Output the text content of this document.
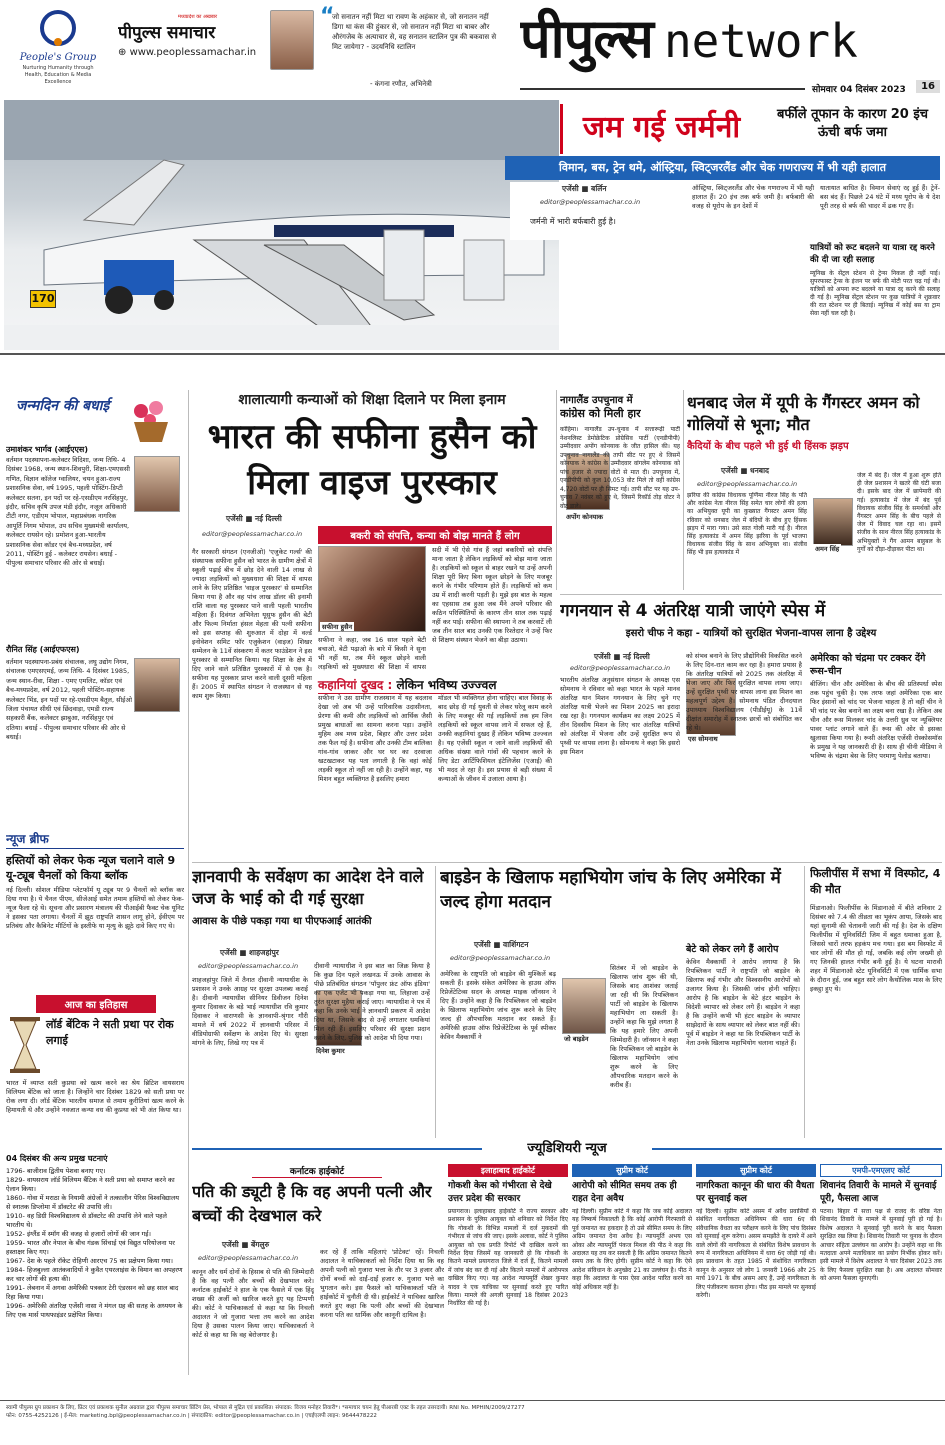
People's Group
Nurturing Humanity through Health, Education & Media Excellence
मध्यप्रदेश का अखबार
पीपुल्स समाचार
⊕ www.peoplessamachar.in
“
जो सनातन नहीं मिटा था रावण के अहंकार से, जो सनातन नहीं डिगा था कंस की हुंकार से, जो सनातन नहीं मिटा था बाबर और औरंगजेब के अत्याचार से, वह सनातन स्टालिन पुत्र की बकवास से मिट जायेगा? - उदयनिधि स्टालिन
- कंगना रणौत, अभिनेत्री
पीपुल्स network
सोमवार 04 दिसंबर 2023	16
170
जम गई जर्मनी	बर्फीले तूफान के कारण 20 इंच ऊंची बर्फ जमा
विमान, बस, ट्रेन थमे, ऑस्ट्रिया, स्विट्जरलैंड और चेक गणराज्य में भी यही हालात
एजेंसी ■ बर्लिन
editor@peoplessamachar.co.in
जर्मनी में भारी बर्फबारी हुई है।
ऑस्ट्रिया, स्विट्जरलैंड और चेक गणराज्य में भी यही हालात हैं। 20 इंच तक बर्फ जमी है। बर्फबारी की वजह से यूरोप के इन देशों में
यातायात बाधित है। विमान सेवाएं रद्द हुई हैं। ट्रेनें-बस बंद हैं। पिछले 24 घंटे में मध्य यूरोप के ये देश पूरी तरह से बर्फ की चादर में ढक गए हैं।
यात्रियों को रूट बदलने या यात्रा रद्द करने की दी जा रही सलाह
म्यूनिख के सेंट्रल स्टेशन से ट्रेन्स निकल ही नहीं पाई। सुपरफास्ट ट्रेन्स के इंजन पर बर्फ की मोटी परत चढ़ गई थी। यात्रियों को अपना रूट बदलने या यात्रा रद्द करने की सलाह दी गई है। म्यूनिख सेंट्रल स्टेशन पर कुछ यात्रियों ने शुक्रवार की रात स्टेशन पर ही बिताई। म्यूनिख में कोई बस या ट्राम सेवा नहीं चल रही है।
जन्मदिन की बधाई
उमाशंकर भार्गव (आईएएस)
वर्तमान पदस्थापना-कलेक्टर विदिशा, जन्म तिथि- 4 दिसंबर 1968, जन्म स्थान-शिवपुरी, शिक्षा-एमएससी गणित, विज्ञान कॉलेज ग्वालियर, चयन हुआ-राज्य प्रशासनिक सेवा, वर्ष 1995, पहली पोस्टिंग-डिप्टी कलेक्टर सतना, इन पदों पर रहे-एसडीएम नरसिंहपुर, इंदौर, सचिव कृषि उपज मंडी इंदौर, नजूल अधिकारी टीटी नगर, एडीएम भोपाल, महाप्रबंधक नागरिक आपूर्ति निगम भोपाल, उप सचिव मुख्यमंत्री कार्यालय, कलेक्टर रायसेन रहे। प्रमोशन हुआ-भारतीय प्रशासनिक सेवा कॉडर एवं बैच-मध्यप्रदेश, वर्ष 2011, पोस्टिंग हुई - कलेक्टर रायसेन। बधाई - पीपुल्स समाचार परिवार की ओर से बधाई।
रौनित सिंह (आईएफएस)
वर्तमान पदस्थापना-प्रबंध संचालक, लघु उद्योग निगम, संचालक एमएसएमई, जन्म तिथि- 4 दिसंबर 1985, जन्म स्थान-रीवा, शिक्षा - एमए एमलिट, कॉडर एवं बैच-मध्यप्रदेश, वर्ष 2012, पहली पोस्टिंग-सहायक कलेक्टर भिंड, इन पदों पर रहे-एसडीएम बैतूल, सीईओ जिला पंचायत सीधी एवं छिंदवाड़ा, एमडी राज्य सहकारी बैंक, कलेक्टर झाबुआ, नरसिंहपुर एवं दतिया। बधाई - पीपुल्स समाचार परिवार की ओर से बधाई।
न्यूज ब्रीफ
हस्तियों को लेकर फेक न्यूज चलाने वाले 9 यू-ट्यूब चैनलों को किया ब्लॉक
नई दिल्ली। सोशल मीडिया प्लेटफॉर्म यू ट्यूब पर 9 चैनलों को ब्लॉक कर दिया गया है। ये चैनल पीएम, सीजेआई समेत तमाम हस्तियों को लेकर फेक-न्यूज फैला रहे थे। सूचना और प्रसारण मंत्रालय की पीआईबी फैक्ट चेक यूनिट ने इसका पता लगाया। चैनलों में झूठ राष्ट्रपति शासन लागू होने, ईवीएम पर प्रतिबंध और कैबिनेट मीटिंगों के इस्तीफे या मृत्यु के झूठे दावे किए गए थे।
आज का इतिहास
लॉर्ड बेंटिक ने सती प्रथा पर रोक लगाई
भारत में व्याप्त सती कुप्रथा को खत्म करने का श्रेय ब्रिटिश वायसराय विलियम बेंटिक को जाता है। जिन्होंने चार दिसंबर 1829 को सती प्रथा पर रोक लगा दी। लॉर्ड बेंटिक भारतीय समाज से तमाम कुरीतियां खत्म करने के हिमायती थे और उन्होंने नवजात कन्या वध की कुप्रथा को भी अंत किया था।
04 दिसंबर की अन्य प्रमुख घटनाएं
1796- बाजीराव द्वितीय पेशवा बनाए गए।
1829- वायसराय लॉर्ड विलियम बैंटिक ने सती प्रथा को समाप्त करने का ऐलान किया।
1860- गोवा में मराठा के नियामी अंग्रेजों ने तत्कालीन पेरिस विश्वविद्यालय से स्नातक डिप्लोमा में डॉक्टरेट की उपाधि ली।
1910- वह डिग्री विश्वविद्यालय से डॉक्टरेट की उपाधि लेने वाले पहले भारतीय थे।
1952- इंग्लैंड में स्मॉग की वजह से हजारों लोगों की जान गई।
1959- भारत और नेपाल के बीच गंडक सिंचाई एवं विद्युत परियोजना पर हस्ताक्षर किए गए।
1967- देश के पहले रॉकेट रोहिणी आरएच 75 का प्रक्षेपण किया गया।
1984- हिजबुल्ला आतंकवादियों ने कुवैत एयरलाइंस के विमान का अपहरण कर चार लोगों की हत्या की।
1991- लेबनान में अगवा अमेरिकी पत्रकार टेरी एंडरसन को छह साल बाद रिहा किया गया।
1996- अमेरिकी अंतरिक्ष एजेंसी नासा ने मंगल ग्रह की सतह के अध्ययन के लिए एक मार्स पाथफाइंडर प्रक्षेपित किया।
शालात्यागी कन्याओं को शिक्षा दिलाने पर मिला इनाम
भारत की सफीना हुसैन को मिला वाइज पुरस्कार
एजेंसी ■ नई दिल्ली
editor@peoplessamachar.co.in
गैर सरकारी संगठन (एनजीओ) 'एजुकेट गर्ल्स' की संस्थापक सफीना हुसैन को भारत के ग्रामीण क्षेत्रों में स्कूली पढ़ाई बीच में छोड़ देने वाली 14 लाख से ज्यादा लड़कियों को मुख्यधारा की शिक्षा में वापस लाने के लिए प्रतिष्ठित 'वाइज पुरस्कार' से सम्मानित किया गया है और वह पांच लाख डॉलर की इनामी राशि वाला यह पुरस्कार पाने वाली पहली भारतीय महिला हैं। दिवंगत अभिनेता यूसुफ हुसैन की बेटी और फिल्म निर्माता हंसल मेहता की पत्नी सफीना को इस सप्ताह की शुरुआत में दोहा में वर्ल्ड इनोवेशन समिट फॉर एजुकेशन (वाइज) शिखर सम्मेलन के 11वें संस्करण में कतर फाउंडेशन ने इस पुरस्कार से सम्मानित किया। यह शिक्षा के क्षेत्र में दिए जाने वाले प्रतिष्ठित पुरस्कारों में से एक है। सफीना यह पुरस्कार प्राप्त करने वाली दूसरी महिला हैं। 2005 में स्थापित संगठन ने राजस्थान से यह काम शुरू किया।
बकरी को संपत्ति, कन्या को बोझ मानते हैं लोग
सफीना हुसैन
सफीना ने कहा, जब 16 साल पहले बेटी बचाओ, बेटी पढ़ाओ के बारे में किसी ने सुना भी नहीं था, तब मैंने स्कूल छोड़ने वाली लड़कियों को मुख्यधारा की शिक्षा में वापस
सदी में भी ऐसे गांव हैं जहां बकरियों को संपत्ति माना जाता है लेकिन लड़कियों को बोझ माना जाता है। लड़कियों को स्कूल से बाहर रखने या उन्हें अपनी शिक्षा पूरी किए बिना स्कूल छोड़ने के लिए मजबूर करने के गंभीर परिणाम होते हैं। लड़कियों को कम उम्र में शादी करनी पड़ती है। मुझे इस बात के महत्व का एहसास तब हुआ जब मैंने अपने परिवार की कठिन परिस्थितियों के कारण तीन साल तक पढ़ाई नहीं कर पाई। सफीना की स्थापना ने तब करवाटें ली जब तीन साल बाद उनकी एक रिश्तेदार ने उन्हें फिर से शिक्षण संस्थान भेजने का बीड़ा उठाया।
कहानियां दुखद : लेकिन भविष्य उज्ज्वल
सफीना ने उस ग्रामीण राजस्थान में यह बदलाव देखा जो अब भी उन्हें पारिवारिक उदासीनता, प्रेरणा की कमी और लड़कियों को आर्थिक जैसी प्रमुख बाधाओं का सामना करना पड़ा। उन्होंने मुहिम अब मध्य प्रदेश, बिहार और उत्तर प्रदेश तक फैल गई है। सफीना और उनकी टीम बालिका गांव-गांव जाकर और घर घर का दरवाजा खटखटाकर यह पता लगाती है कि वहां कोई लड़की स्कूल तो नहीं जा रही है। उन्होंने कहा, यह मिशन बहुत व्यक्तिगत है इसलिए हमारा
मॉडल भी व्यक्तिगत होना चाहिए। बाल विवाह के बाद छोड़ दी गई युवती से लेकर घरेलू काम करने के लिए मजबूर की गई लड़कियों तक हम जिन लड़कियों को स्कूल वापस लाने में सफल रहे हैं, उनकी कहानियां दुखद हैं लेकिन भविष्य उज्ज्वल है। यह एजेंसी स्कूल न जाने वाली लड़कियों की अधिक संख्या वाले गांवों की पहचान करने के लिए डेटा आर्टिफिशियल इंटेलिजेंस (एआई) की भी मदद ले रहा है। इस प्रयास से बड़ी संख्या में कन्याओं के जीवन में उजाला आया है।
नागालैंड उपचुनाव में
कांग्रेस को मिली हार
अपोंग कोनयाक
कोहिमा। नागालैंड उप-चुनाव में सत्तारूढ़ी पार्टी नेशनलिस्ट डेमोक्रेटिक प्रोग्रेसिव पार्टी (एनडीपीपी) उम्मीदवार अपोंग कोनयाक के जीत हासिल की। यह उपचुनाव नागालैंड की तापी सीट पर हुए थे जिसमें कोनयाक ने कांग्रेस के उम्मीदवार वांगलेम कोनयाक को पांच हजार से ज्यादा वोटों से मात दी। उपचुनाव में, एनडीपीपी को कुल 10,053 वोट मिले तो वहीं कांग्रेस 4,720 वोटों पर ही सिमट गई। तापी सीट पर यह उप-चुनाव 7 नवंबर को हुए थे, जिसमें रिकॉर्ड तोड़ वोटर ने वोट डाले।
धनबाद जेल में यूपी के गैंगस्टर अमन को गोलियों से भूना; मौत
कैदियों के बीच पहले भी हुई थी हिंसक झड़प
एजेंसी ■ धनबाद
editor@peoplessamachar.co.in
झरिया की कांग्रेस विधायक पूर्णिमा नीरज सिंह के पति और कांग्रेस नेता नीरज सिंह समेत चार लोगों की हत्या का अभियुक्त यूपी का कुख्यात गैंगस्टर अमन सिंह रविवार को धनबाद जेल में बंदियों के बीच हुए हिंसक झड़प में मारा गया। उसे सात गोली मारी गई है। नीरज सिंह हत्याकांड में अमन सिंह झरिया के पूर्व भाजपा विधायक संजीव सिंह के साथ अभियुक्त था। संजीव सिंह भी इस हत्याकांड में	अमन सिंह
जेल में बंद हैं। जेल में हुआ शुरू होते ही जेल प्रशासन ने खतरे की घंटी बजा दी। इसके बाद जेल में छापेमारी की गई। हत्याकांड में जेल में बंद पूर्व विधायक संजीव सिंह के समर्थकों और गैंगस्टर अमन सिंह के बीच पहले से जेल में विवाद चल रहा था। इसमें संजीव के साथ नीरज सिंह हत्याकांड के अभियुक्तों ने गैंग आमन बाहुबल के गुर्गों को दौड़ा-दौड़ाकर पीटा था।
गगनयान से 4 अंतरिक्ष यात्री जाएंगे स्पेस में
इसरो चीफ ने कहा - यात्रियों को सुरक्षित भेजना-वापस लाना है उद्देश्य
एजेंसी ■ नई दिल्ली
editor@peoplessamachar.co.in
भारतीय अंतरिक्ष अनुसंधान संगठन के अध्यक्ष एस सोमनाथ ने रविवार को कहा भारत के पहले मानव अंतरिक्ष यान मिशन गगनयान के लिए चुने गए अंतरिक्ष यात्री भेजने का मिशन 2025 का इरादा रख रहा है। गगनयान कार्यक्रम का लक्ष्य 2025 में तीन दिवसीय मिशन के लिए चार अंतरिक्ष यात्रियों को अंतरिक्ष में भेजना और उन्हें सुरक्षित रूप से पृथ्वी पर वापस लाना है। सोमनाथ ने कहा कि इसरो इस मिशन
एस सोमनाथ
को संभव बनाने के लिए प्रौद्योगिकी विकसित करने के लिए दिन-रात काम कर रहा है। हमारा प्रयास है कि अंतरिक्ष यात्रियों को 2025 तक अंतरिक्ष में भेजा जाए और फिर सुरक्षित वापस लाया जाए। उन्हें सुरक्षित पृथ्वी पर वापस लाना इस मिशन का महत्वपूर्ण उद्देश्य है। सोमनाथ पंडित दीनदयाल उपाध्याय विश्वविद्यालय (पीडीईयू) के 11वें दीक्षांत समारोह में स्नातक छात्रों को संबोधित कर रहे थे।
अमेरिका को चंद्रमा पर टक्कर देंगे रूस-चीन
बीजिंग। चीन और अमेरिका के बीच की प्रतिस्पर्धा स्पेस तक पहुंच चुकी है। एक तरफ जहां अमेरिका एक बार फिर इंसानों को चांद पर भेजना चाहता है तो वहीं चीन ने भी चांद पर बेस बनाने का लक्ष्य बना रखा है। लेकिन अब चीन और रूस मिलकर चांद के उत्तरी ध्रुव पर न्यूक्लियर पावर प्लांट लगाने वाले हैं। रूस की ओर से इसका खुलासा किया गया है। रूसी अंतरिक्ष एजेंसी रोस्कोसमॉस के प्रमुख ने यह जानकारी दी है। साथ ही चीनी मीडिया ने भविष्य के चंद्रमा बेस के लिए परमाणु पेलोड बताया।
ज्ञानवापी के सर्वेक्षण का आदेश देने वाले जज के भाई को दी गई सुरक्षा
आवास के पीछे पकड़ा गया था पीएफआई आतंकी
एजेंसी ■ शाहजहांपुर
editor@peoplessamachar.co.in
शाहजहांपुर जिले में तैनात दीवानी न्यायाधीश के प्रशासन ने उनके आग्रह पर सुरक्षा उपलब्ध कराई है। दीवानी न्यायाधीश सीनियर डिवीजन दिनेश कुमार दिवाकर के बड़े भाई न्यायाधीश रवि कुमार दिवाकर ने वाराणसी के ज्ञानवापी-श्रृंगार गौरी मामले में वर्ष 2022 में ज्ञानवापी परिसर में वीडियोग्राफी सर्वेक्षण के आदेश दिए थे। सुरक्षा मांगने के लिए, लिखे गए पत्र में
दिनेश कुमार
दीवानी न्यायाधीश ने इस बात का जिक्र किया है कि कुछ दिन पहले लखनऊ में उनके आवास के पीछे प्रतिबंधित संगठन 'पॉपुलर फ्रंट ऑफ इंडिया' का एक एजेंट भी पकड़ा गया था, लिहाजा उन्हें तुरंत सुरक्षा मुहैया कराई जाए। न्यायाधीश ने पत्र में कहा कि उनके भाई ने ज्ञानवापी प्रकरण में आदेश दिया था, जिसके बाद से उन्हें लगातार धमकियां मिल रही हैं। इसलिए परिवार की सुरक्षा प्रदान करने के लिए, पुलिस को आदेश भी दिया गया।
बाइडेन के खिलाफ महाभियोग जांच के लिए अमेरिका में जल्द होगा मतदान
एजेंसी ■ वाशिंगटन
editor@peoplessamachar.co.in
अमेरिका के राष्ट्रपति जो बाइडेन की मुश्किलें बढ़ सकती हैं। इसके संकेत अमेरिका के हाउस ऑफ रिप्रेजेंटेटिव्स सदन के अध्यक्ष माइक जॉनसन ने दिए हैं। उन्होंने कहा है कि रिपब्लिकन जो बाइडेन के खिलाफ महाभियोग जांच शुरू करने के लिए जल्द ही औपचारिक मतदान कर सकते हैं। अमेरिकी हाउस ऑफ रिप्रेजेंटेटिव्स के पूर्व स्पीकर केविन मैक्कार्थी ने	जो बाइडेन
सितंबर में जो बाइडेन के खिलाफ जांच शुरू की थी, जिसके बाद आशंका जताई जा रही थी कि रिपब्लिकन पार्टी जो बाइडेन के खिलाफ महाभियोग ला सकती है। उन्होंने कहा कि मुझे लगता है कि यह हमारे लिए अपनी जिम्मेदारी है। जॉनसन ने कहा कि रिपब्लिकन जो बाइडेन के खिलाफ महाभियोग जांच शुरू करने के लिए औपचारिक मतदान करने के करीब हैं।
बेटे को लेकर लगे हैं आरोप
केविन मैक्कार्थी ने आरोप लगाया है कि रिपब्लिकन पार्टी ने राष्ट्रपति जो बाइडेन के खिलाफ कई गंभीर और विश्वसनीय आरोपों को उजागर किया है। जिसकी जांच होनी चाहिए। आरोप है कि बाइडेन के बेटे हंटर बाइडेन के विदेशी व्यापार को लेकर लगे हैं। बाइडेन ने कहा है कि उन्होंने कभी भी हंटर बाइडेन के व्यापार साझेदारों के साथ व्यापार को लेकर बात नहीं की। पूर्व में बाइडेन ने कहा था कि रिपब्लिकन पार्टी के नेता उनके खिलाफ महाभियोग चलाना चाहते हैं।
फिलीपींस में सभा में विस्फोट, 4 की मौत
मिंडानाओ। फिलीपींस के मिंडानाओ में बीते शनिवार 2 दिसंबर को 7.4 की तीव्रता का भूकंप आया, जिसके बाद यहां सुनामी की चेतावनी जारी की गई है। देश के दक्षिण फिलीपींस में यूनिवर्सिटी जिम में बहुत धमाका हुआ है, जिससे चारों तरफ हड़कंप मच गया। इस बम विस्फोट में चार लोगों की मौत हो गई, जबकि कई लोग जख्मी हो गए जिनकी हालत गंभीर बनी हुई है। ये घटना मारावी शहर में मिंडानाओ स्टेट यूनिवर्सिटी में एक धार्मिक सभा के दौरान हुई, जब बहुत सारे लोग कैथोलिक मास के लिए इकट्ठा हुए थे।
ज्यूडिशियरी न्यूज
कर्नाटक हाईकोर्ट
पति की ड्यूटी है कि वह अपनी पत्नी और बच्चों की देखभाल करे
एजेंसी ■ बेंगलुरु
editor@peoplessamachar.co.in
कानून और धर्म दोनों के हिसाब से पति की जिम्मेदारी है कि वह पत्नी और बच्चों की देखभाल करे। कर्नाटक हाईकोर्ट ने हाल के एक फैसले में एक हिंदू शख्स की अर्जी को खारिज करते हुए यह टिप्पणी की। कोर्ट ने याचिकाकर्ता से कहा था कि निचली अदालत ने जो गुजारा भत्ता तय करने का आदेश दिया है उसका पालन किया जाए। याचिकाकर्ता ने कोर्ट से कहा था कि वह बेरोजगार है।
कर रहे हैं ताकि महिलाएं 'प्रोटेक्ट' रहें। निचली अदालत ने याचिकाकर्ता को निर्देश दिया था कि वह अपनी पत्नी को गुजारा भत्ता के तौर पर 3 हजार और दोनों बच्चों को दाईं-दाईं हजार रु. गुजारा भत्ते का भुगतान करे। इस फैसले को याचिकाकर्ता पति ने हाईकोर्ट में चुनौती दी थी। हाईकोर्ट ने याचिका खारिज करते हुए कहा कि पत्नी और बच्चों की देखभाल करना पति का धार्मिक और कानूनी दायित्व है।
इलाहाबाद हाईकोर्ट
गोकशी केस को गंभीरता से देखे उत्तर प्रदेश की सरकार
प्रयागराज। इलाहाबाद हाईकोर्ट ने राज्य सरकार और प्रशासन के पुलिस आयुक्त को शनिवार को निर्देश दिए कि गोकशी के विभिन्न मामलों में दर्ज मुकदमों की गंभीरता से जांच की जाए। इसके अलावा, कोर्ट ने पुलिस आयुक्त को एक प्रगति रिपोर्ट भी दाखिल करने का निर्देश दिया जिसमें यह जानकारी हो कि गोकशी के कितने मामले प्रयागराज जिले में दर्ज हैं, कितने मामलों में जांच बंद कर दी गई और कितने मामलों में आरोपपत्र दाखिल किए गए। यह आदेश न्यायमूर्ति शेखर कुमार यादव ने एक याचिका पर सुनवाई करते हुए पारित किया। मामले की अगली सुनवाई 18 दिसंबर 2023 निर्धारित की गई है।
सुप्रीम कोर्ट
आरोपी को सीमित समय तक ही राहत देना अवैध
नई दिल्ली। सुप्रीम कोर्ट ने कहा कि जब कोई अदालत यह निष्कर्ष निकालती है कि कोई आरोपी गिरफ्तारी से पूर्व जमानत का हकदार है तो उसे सीमित समय के लिए अग्रिम जमानत देना अवैध है। न्यायमूर्ति अभय एस ओका और न्यायमूर्ति पंकज मिथल की पीठ ने कहा कि अदालत यह तय कर सकती है कि अग्रिम जमानत कितने समय तक के लिए होगी। सुप्रीम कोर्ट ने कहा कि ऐसे आदेश संविधान के अनुच्छेद 21 का उल्लंघन है। पीठ ने कहा कि अदालत के पास ऐसा आदेश पारित करने का कोई अधिकार नहीं है।
सुप्रीम कोर्ट
नागरिकता कानून की धारा की वैधता पर सुनवाई कल
नई दिल्ली। सुप्रीम कोर्ट असम में अवैध प्रवासियों से संबंधित नागरिकता अधिनियम की धारा 6ए की संवैधानिक वैधता का परीक्षण करने के लिए पांच दिसंबर को सुनवाई शुरू करेगा। असम समझौते के दायरे में आने वाले लोगों की नागरिकता से संबंधित विशेष प्रावधान के रूप में नागरिकता अधिनियम में धारा 6ए जोड़ी गई थी। इस प्रावधान के तहत 1985 में संशोधित नागरिकता कानून के अनुसार जो लोग 1 जनवरी 1966 और 25 मार्च 1971 के बीच असम आए हैं, उन्हें नागरिकता के लिए पंजीकरण कराना होगा। पीठ इस मामले पर सुनवाई करेगी।
एमपी-एमएलए कोर्ट
शिवानंद तिवारी के मामले में सुनवाई पूरी, फैसला आज
पटना। बिहार में सत्ता पक्ष से राजद के वरिष्ठ नेता शिवानंद तिवारी के मामले में सुनवाई पूरी हो गई है। विशेष अदालत ने सुनवाई पूरी करने के बाद फैसला सुरक्षित रख लिया है। शिवानंद तिवारी पर चुनाव के दौरान आचार संहिता उल्लंघन का आरोप है। उन्होंने कहा था कि मतदाता अपने मताधिकार का प्रयोग निर्भीक होकर करें। इसी मामले में विशेष अदालत ने चार दिसंबर 2023 तक के लिए फैसला सुरक्षित रखा है। अब अदालत सोमवार को अपना फैसला सुनाएगी।
स्वामी पीपुल्स ग्रुप प्रकाशन के लिए, प्रिंटर एवं प्रकाशक सुनील अग्रवाल द्वारा पीपुल्स समाचार प्रिंटिंग प्रेस, भोपाल से मुद्रित एवं प्रकाशित। संपादक: विजय मनोहर तिवारी*। *समाचार चयन हेतु पीआरबी एक्ट के तहत उत्तरदायी। RNI No. MPHIN/2009/27277
फोन: 0755-4252126 | ई-मेल: marketing.bpl@peoplessamachar.co.in | संपादकीय: editor@peoplessamachar.co.in | एचईएलपी लाइन: 9644478222
